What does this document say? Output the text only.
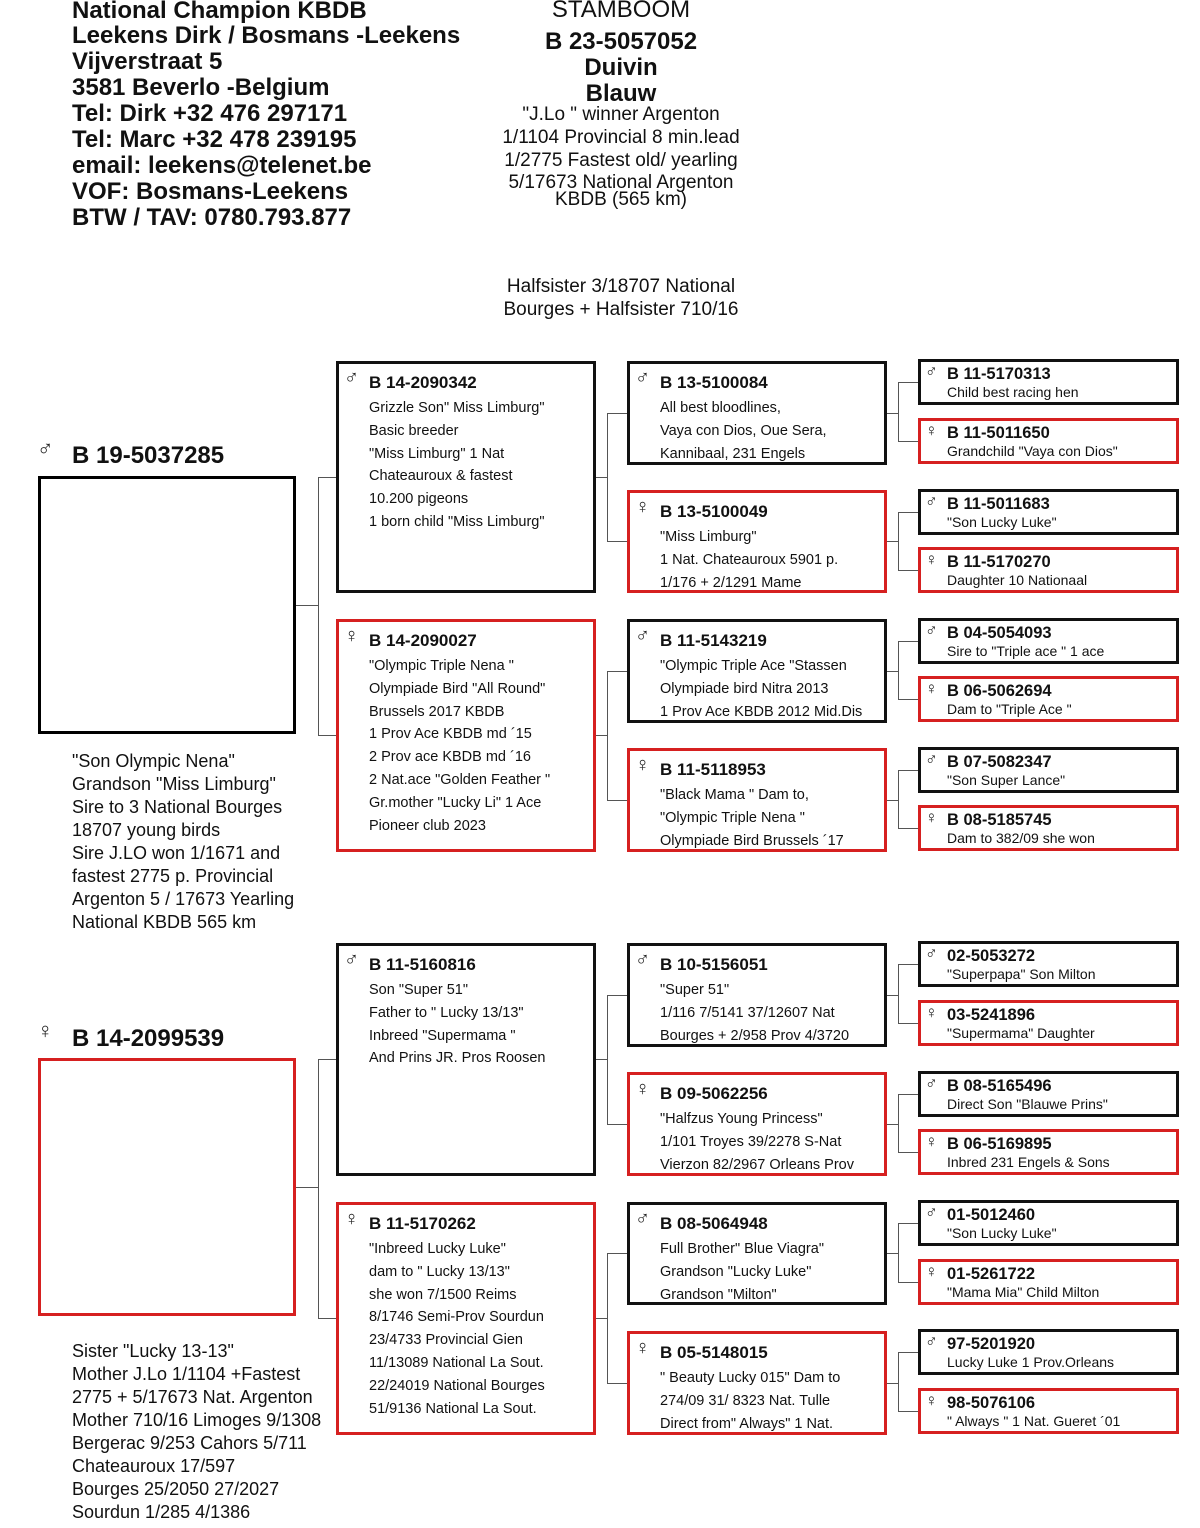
National Champion KBDB
Leekens Dirk / Bosmans -Leekens
Vijverstraat 5
3581 Beverlo -Belgium
Tel: Dirk +32 476 297171
Tel: Marc +32 478 239195
email: leekens@telenet.be
VOF: Bosmans-Leekens
BTW / TAV: 0780.793.877
STAMBOOM
B 23-5057052
Duivin
Blauw
"J.Lo " winner Argenton
1/1104 Provincial 8 min.lead
1/2775 Fastest old/ yearling
5/17673 National Argenton
KBDB (565 km)
Halfsister 3/18707 National
Bourges + Halfsister 710/16
♂ B 19-5037285
"Son Olympic Nena"
Grandson "Miss Limburg"
Sire to 3 National Bourges
18707 young birds
Sire J.LO won 1/1671 and
fastest 2775 p. Provincial
Argenton 5 / 17673 Yearling
National KBDB 565 km
♀ B 14-2099539
Sister "Lucky 13-13"
Mother J.Lo 1/1104 +Fastest
2775 + 5/17673 Nat. Argenton
Mother 710/16 Limoges 9/1308
Bergerac 9/253 Cahors 5/711
Chateauroux 17/597
Bourges 25/2050 27/2027
Sourdun 1/285 4/1386
♂ B 14-2090342
Grizzle Son" Miss Limburg"
Basic breeder
"Miss Limburg" 1 Nat
Chateauroux & fastest
10.200 pigeons
1 born child "Miss Limburg"
♀ B 14-2090027
"Olympic Triple Nena "
Olympiade Bird "All Round"
Brussels 2017 KBDB
1 Prov Ace KBDB md ´15
2 Prov ace KBDB md ´16
2 Nat.ace "Golden Feather "
Gr.mother "Lucky Li" 1 Ace
Pioneer club 2023
♂ B 11-5160816
Son "Super 51"
Father to " Lucky 13/13"
Inbreed "Supermama "
And Prins JR. Pros Roosen
♀ B 11-5170262
"Inbreed Lucky Luke"
dam to " Lucky 13/13"
she won 7/1500 Reims
8/1746 Semi-Prov Sourdun
23/4733 Provincial Gien
11/13089 National La Sout.
22/24019 National Bourges
51/9136 National La Sout.
♂ B 13-5100084
All best bloodlines,
Vaya con Dios, Oue Sera,
Kannibaal, 231 Engels
♀ B 13-5100049
"Miss Limburg"
1 Nat. Chateauroux 5901 p.
1/176 + 2/1291 Mame
♂ B 11-5143219
"Olympic Triple Ace "Stassen
Olympiade bird Nitra 2013
1 Prov Ace KBDB 2012 Mid.Dis
♀ B 11-5118953
"Black Mama " Dam to,
"Olympic Triple Nena "
Olympiade Bird Brussels ´17
♂ B 10-5156051
"Super 51"
1/116 7/5141 37/12607 Nat
Bourges + 2/958 Prov 4/3720
♀ B 09-5062256
"Halfzus Young Princess"
1/101 Troyes 39/2278 S-Nat
Vierzon 82/2967 Orleans Prov
♂ B 08-5064948
Full Brother" Blue Viagra"
Grandson "Lucky Luke"
Grandson "Milton"
♀ B 05-5148015
" Beauty Lucky 015" Dam to
274/09 31/ 8323 Nat. Tulle
Direct from" Always" 1 Nat.
♂ B 11-5170313
Child best racing hen
♀ B 11-5011650
Grandchild "Vaya con Dios"
♂ B 11-5011683
"Son Lucky Luke"
♀ B 11-5170270
Daughter 10 Nationaal
♂ B 04-5054093
Sire to "Triple ace " 1 ace
♀ B 06-5062694
Dam to "Triple Ace "
♂ B 07-5082347
"Son Super Lance"
♀ B 08-5185745
Dam to 382/09 she won
♂ 02-5053272
"Superpapa" Son Milton
♀ 03-5241896
"Supermama" Daughter
♂ B 08-5165496
Direct Son "Blauwe Prins"
♀ B 06-5169895
Inbred 231 Engels & Sons
♂ 01-5012460
"Son Lucky Luke"
♀ 01-5261722
"Mama Mia" Child Milton
♂ 97-5201920
Lucky Luke 1 Prov.Orleans
♀ 98-5076106
" Always " 1 Nat. Gueret ´01
